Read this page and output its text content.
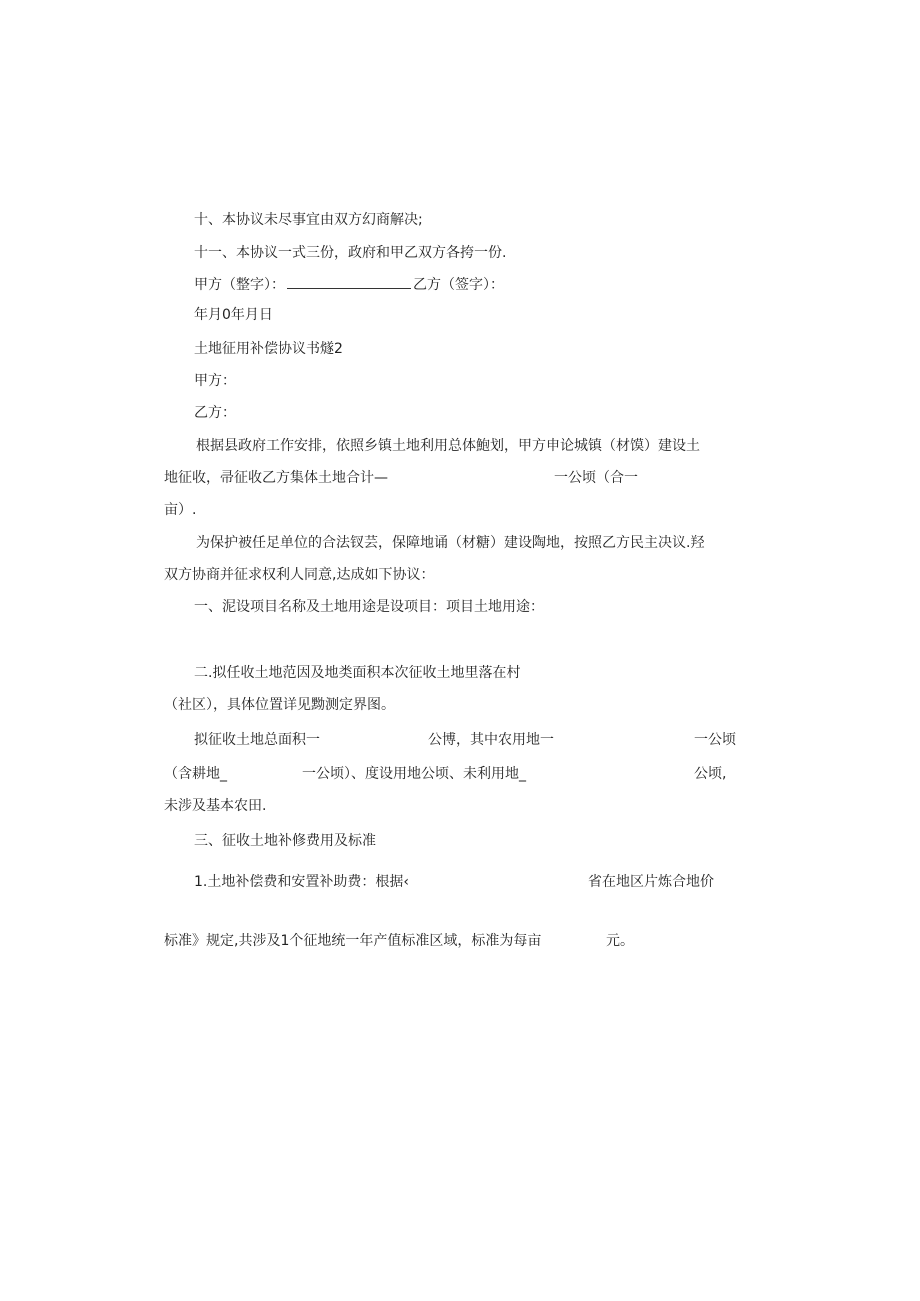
十、本协议未尽事宜由双方幻商解决;

十一、本协议一式三份，政府和甲乙双方各挎一份.

甲方（整字）：	乙方（签字）：

年月0年月日

土地征用补偿协议书燧2

甲方：

乙方：

根据县政府工作安排，依照乡镇土地利用总体鮑划，甲方申论城镇（材馍）建设土

地征收，帚征收乙方集体土地合计—	一公顷（合一

亩）.

为保护被任足单位的合法钗芸，保障地诵（材糖）建设陶地，按照乙方民主决议.羟

双方协商并征求权利人同意,达成如下协议：

一、泥设项目名称及土地用途是设项目：项目土地用途：

二.拟任收土地范因及地类面积本次征收土地里落在村

（社区），具体位置详见黝测定界图。

拟征收土地总面积一	公博，其中农用地一	一公顷

（含耕地_	一公顷）、度设用地公顷、未利用地_	公顷,

未涉及基本农田.

三、征收土地补修费用及标准

1.土地补偿费和安置补助费：根据‹	省在地区片炼合地价

标准》规定,共涉及1个征地统一年产值标准区域，标准为每亩	元。
